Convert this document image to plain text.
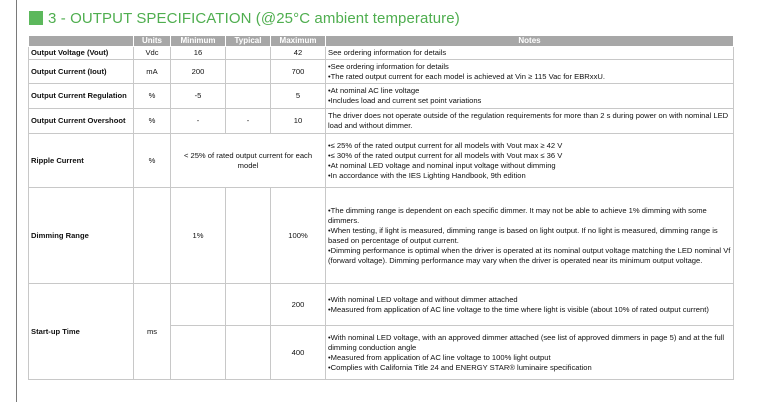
3 - OUTPUT SPECIFICATION (@25°C ambient temperature)
	Units	Minimum	Typical	Maximum	Notes
Output Voltage (Vout)	Vdc	16		42	See ordering information for details

Output Current (Iout)	mA	200		700	•See ordering information for details
•The rated output current for each model is achieved at Vin ≥ 115 Vac for EBRxxU.

Output Current Regulation	%	-5		5	•At nominal AC line voltage
•Includes load and current set point variations

Output Current Overshoot	%	-	-	10	The driver does not operate outside of the regulation requirements for more than 2 s during power on with nominal LED load and without dimmer.

Ripple Current	%	< 25% of rated output current for each model			•≤ 25% of the rated output current for all models with Vout max ≥ 42 V
•≤ 30% of the rated output current for all models with Vout max ≤ 36 V
•At nominal LED voltage and nominal input voltage without dimming
•In accordance with the IES Lighting Handbook, 9th edition

Dimming Range		1%		100%	•The dimming range is dependent on each specific dimmer. It may not be able to achieve 1% dimming with some dimmers.
•When testing, if light is measured, dimming range is based on light output. If no light is measured, dimming range is based on percentage of output current.
•Dimming performance is optimal when the driver is operated at its nominal output voltage matching the LED nominal Vf (forward voltage). Dimming performance may vary when the driver is operated near its minimum output voltage.

Start-up Time	ms			200	•With nominal LED voltage and without dimmer attached
•Measured from application of AC line voltage to the time where light is visible (about 10% of rated output current)

				400	•With nominal LED voltage, with an approved dimmer attached (see list of approved dimmers in page 5) and at the full dimming conduction angle
•Measured from application of AC line voltage to 100% light output
•Complies with California Title 24 and ENERGY STAR® luminaire specification
